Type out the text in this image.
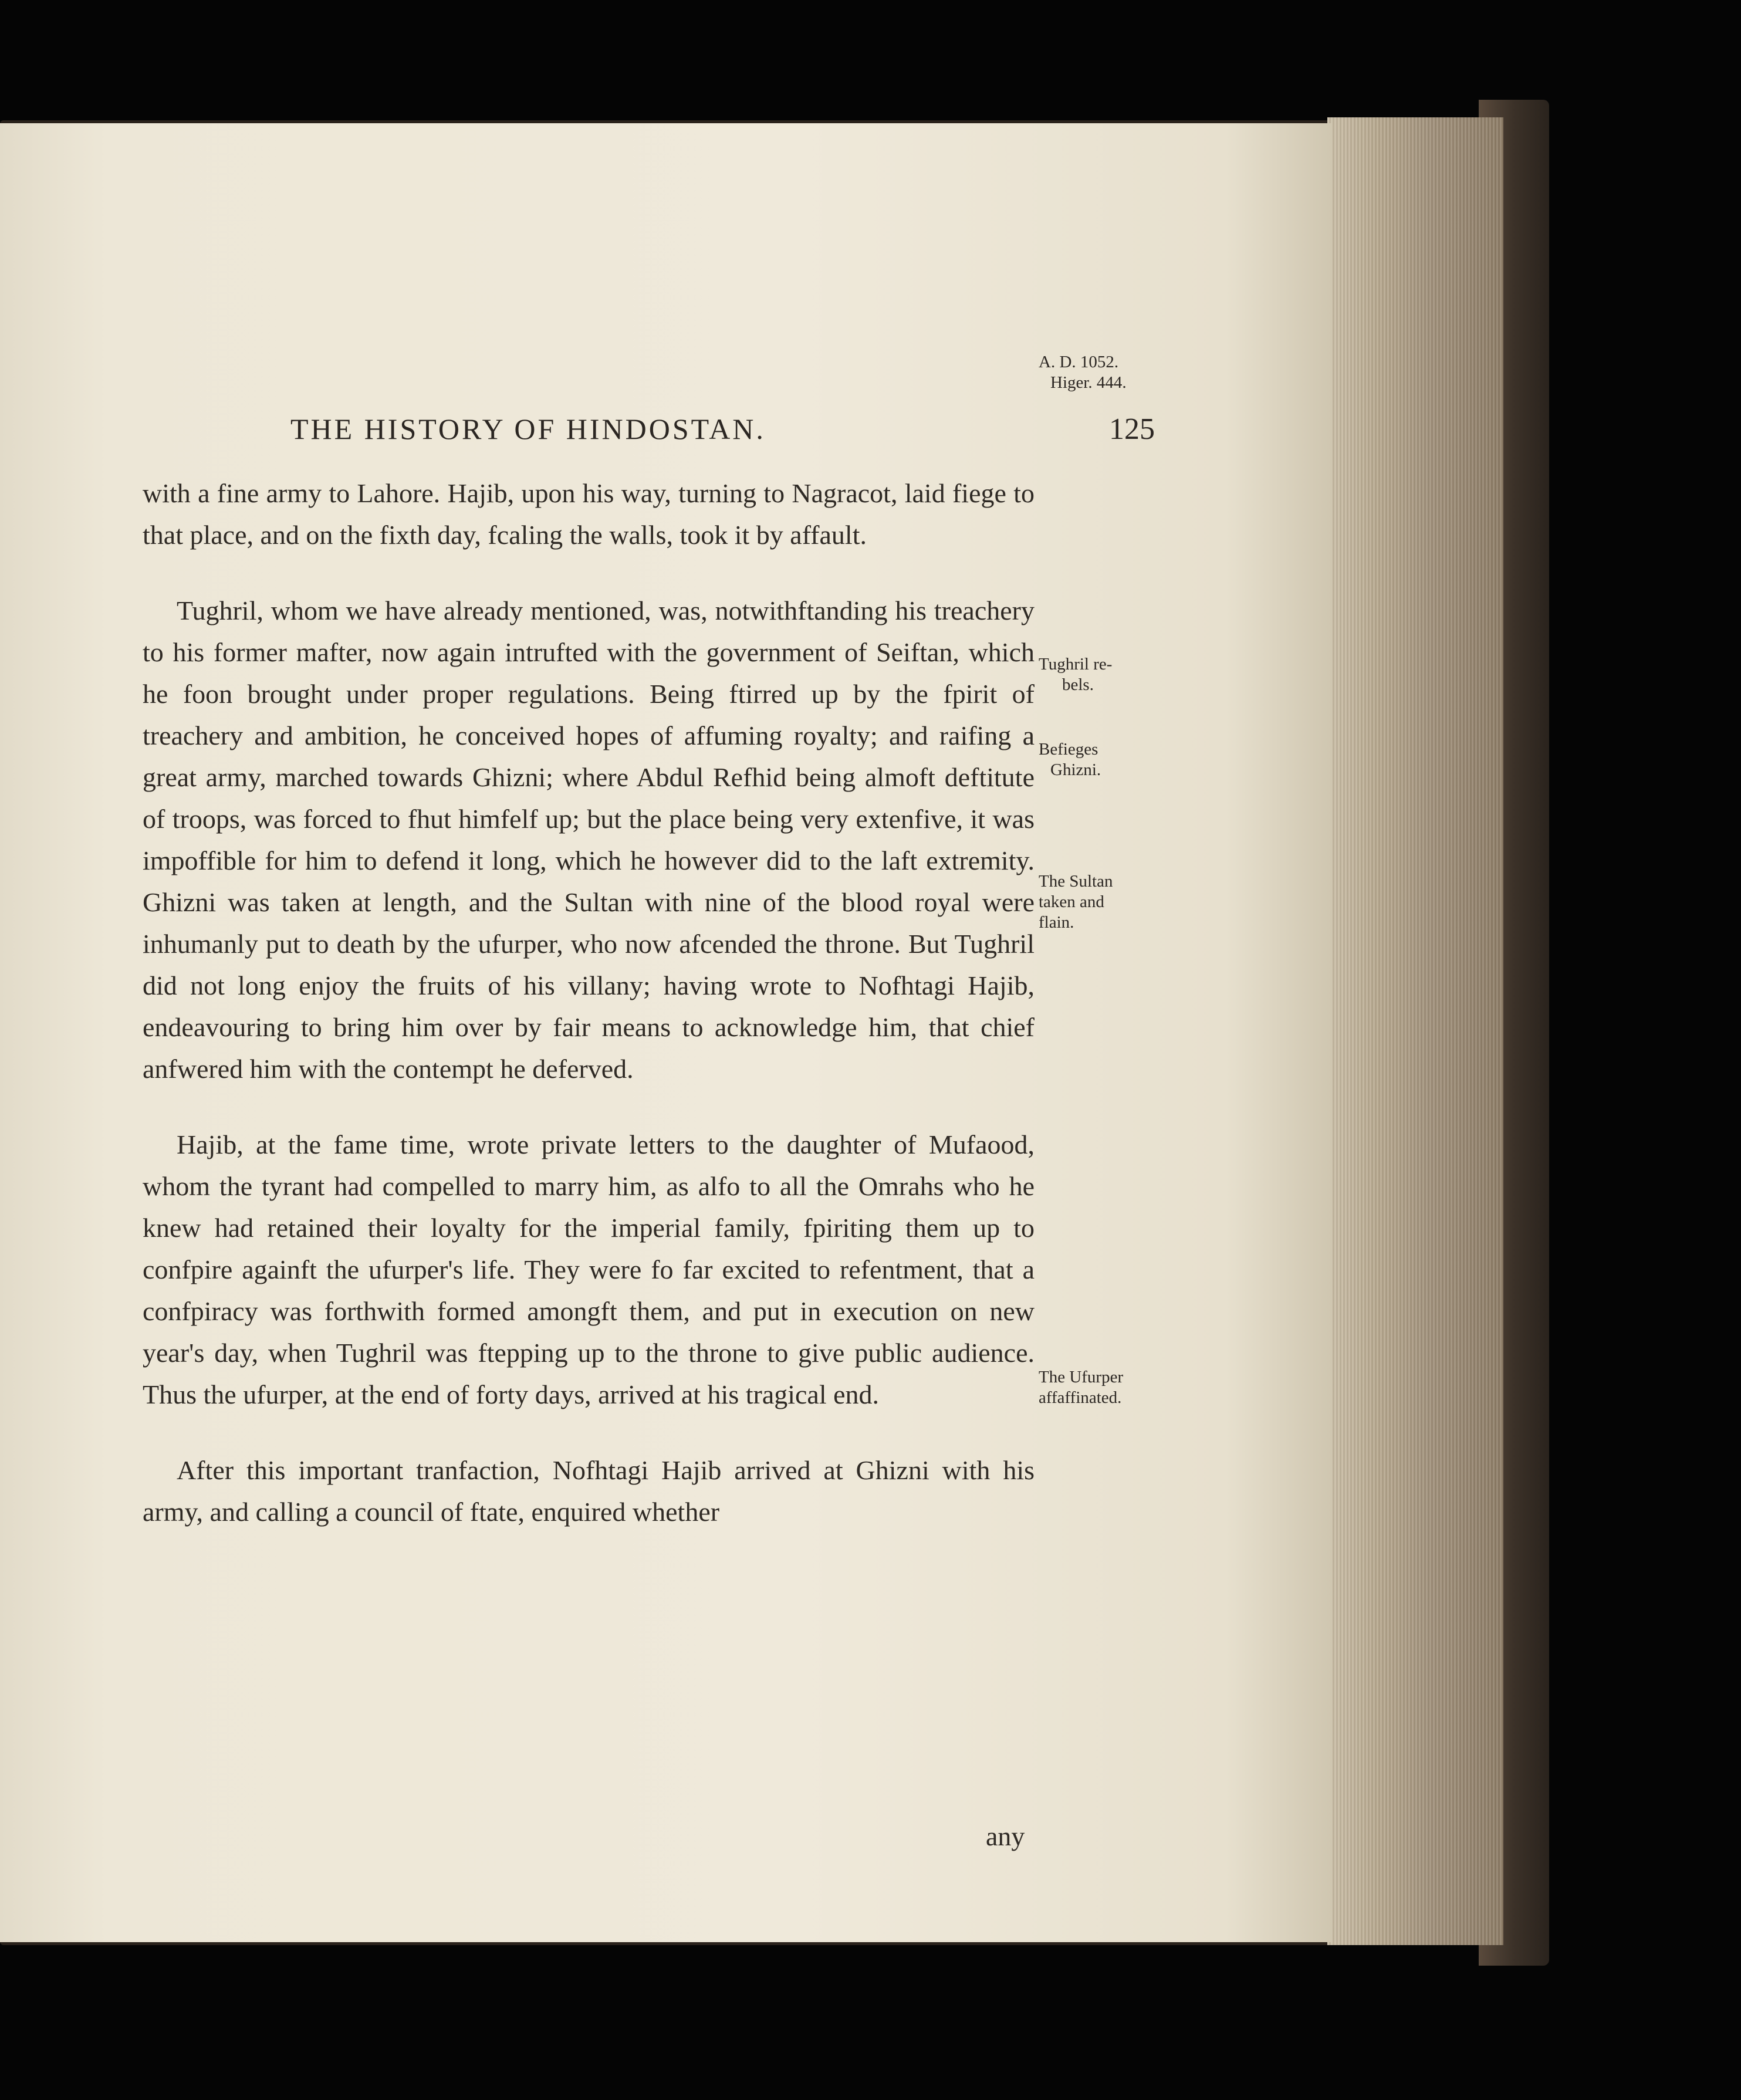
THE HISTORY OF HINDOSTAN.	125

with a fine army to Lahore. Hajib, upon his way, turning to Nagracot, laid fiege to that place, and on the fixth day, fcaling the walls, took it by affault.

Tughril, whom we have already mentioned, was, notwithftanding his treachery to his former mafter, now again intrufted with the government of Seiftan, which he foon brought under proper regulations. Being ftirred up by the fpirit of treachery and ambition, he conceived hopes of affuming royalty; and raifing a great army, marched towards Ghizni; where Abdul Refhid being almoft deftitute of troops, was forced to fhut himfelf up; but the place being very extenfive, it was impoffible for him to defend it long, which he however did to the laft extremity. Ghizni was taken at length, and the Sultan with nine of the blood royal were inhumanly put to death by the ufurper, who now afcended the throne. But Tughril did not long enjoy the fruits of his villany; having wrote to Nofhtagi Hajib, endeavouring to bring him over by fair means to acknowledge him, that chief anfwered him with the contempt he deferved.

Hajib, at the fame time, wrote private letters to the daughter of Mufaood, whom the tyrant had compelled to marry him, as alfo to all the Omrahs who he knew had retained their loyalty for the imperial family, fpiriting them up to confpire againft the ufurper's life. They were fo far excited to refentment, that a confpiracy was forthwith formed amongft them, and put in execution on new year's day, when Tughril was ftepping up to the throne to give public audience. Thus the ufurper, at the end of forty days, arrived at his tragical end.

After this important tranfaction, Nofhtagi Hajib arrived at Ghizni with his army, and calling a council of ftate, enquired whether

any
A. D. 1052.
Higer. 444.
Tughril re-
bels.
Befieges
Ghizni.
The Sultan
taken and
flain.
The Ufurper
affaffinated.
